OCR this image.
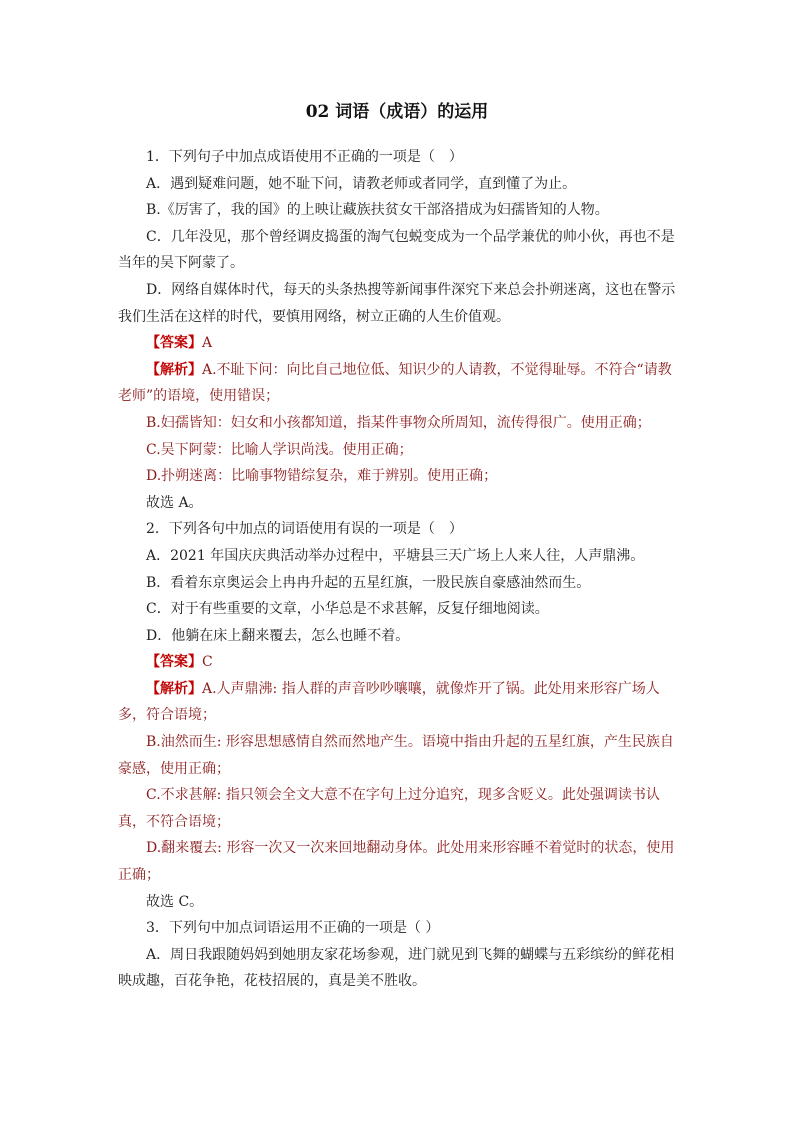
02 词语（成语）的运用

1．下列句子中加点成语使用不正确的一项是（　）

A．遇到疑难问题，她不耻下问，请教老师或者同学，直到懂了为止。

B.《厉害了，我的国》的上映让藏族扶贫女干部洛措成为妇孺皆知的人物。

C．几年没见，那个曾经调皮捣蛋的淘气包蜕变成为一个品学兼优的帅小伙，再也不是当年的吴下阿蒙了。

D．网络自媒体时代，每天的头条热搜等新闻事件深究下来总会扑朔迷离，这也在警示我们生活在这样的时代，要慎用网络，树立正确的人生价值观。

【答案】A

【解析】A.不耻下问：向比自己地位低、知识少的人请教，不觉得耻辱。不符合“请教老师”的语境，使用错误；

B.妇孺皆知：妇女和小孩都知道，指某件事物众所周知，流传得很广。使用正确；

C.吴下阿蒙：比喻人学识尚浅。使用正确；

D.扑朔迷离：比喻事物错综复杂，难于辨别。使用正确；

故选 A。

2．下列各句中加点的词语使用有误的一项是（　）

A．2021 年国庆庆典活动举办过程中，平塘县三天广场上人来人往，人声鼎沸。

B．看着东京奥运会上冉冉升起的五星红旗，一股民族自豪感油然而生。

C．对于有些重要的文章，小华总是不求甚解，反复仔细地阅读。

D．他躺在床上翻来覆去，怎么也睡不着。

【答案】C

【解析】A.人声鼎沸: 指人群的声音吵吵嚷嚷，就像炸开了锅。此处用来形容广场人多，符合语境；

B.油然而生: 形容思想感情自然而然地产生。语境中指由升起的五星红旗，产生民族自豪感，使用正确；

C.不求甚解: 指只领会全文大意不在字句上过分追究，现多含贬义。此处强调读书认真，不符合语境；

D.翻来覆去: 形容一次又一次来回地翻动身体。此处用来形容睡不着觉时的状态，使用正确；

故选 C。

3．下列句中加点词语运用不正确的一项是（ ）

A．周日我跟随妈妈到她朋友家花场参观，进门就见到飞舞的蝴蝶与五彩缤纷的鲜花相映成趣，百花争艳，花枝招展的，真是美不胜收。
